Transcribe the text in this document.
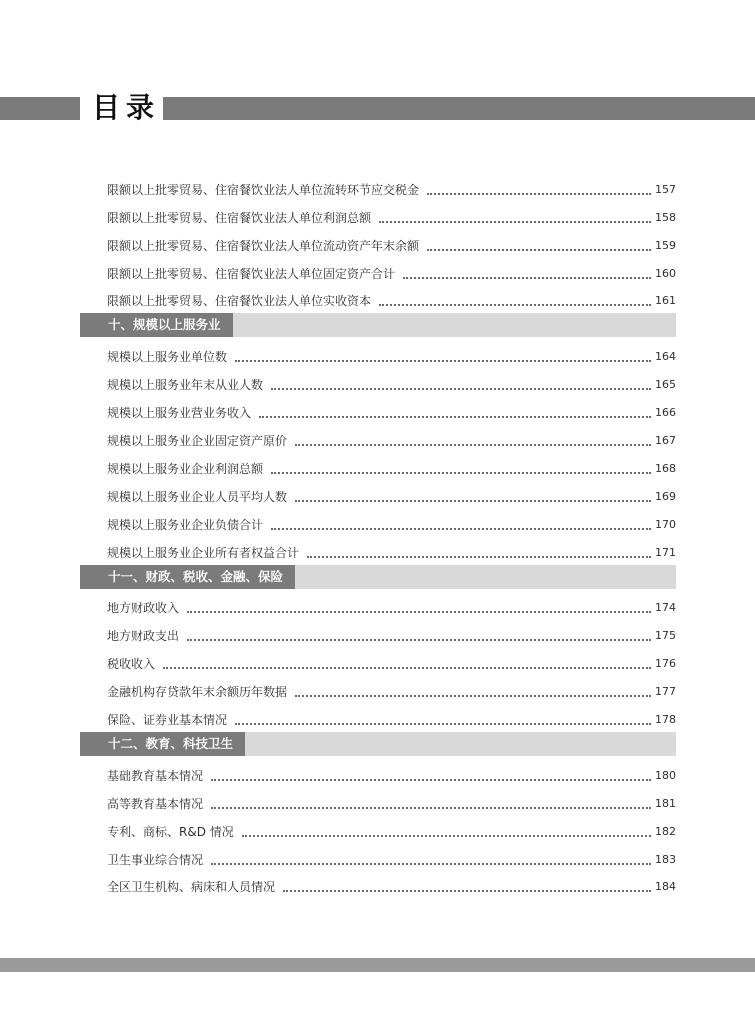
目录
限额以上批零贸易、住宿餐饮业法人单位流转环节应交税金	157
限额以上批零贸易、住宿餐饮业法人单位利润总额	158
限额以上批零贸易、住宿餐饮业法人单位流动资产年末余额	159
限额以上批零贸易、住宿餐饮业法人单位固定资产合计	160
限额以上批零贸易、住宿餐饮业法人单位实收资本	161
十、规模以上服务业
规模以上服务业单位数	164
规模以上服务业年末从业人数	165
规模以上服务业营业务收入	166
规模以上服务业企业固定资产原价	167
规模以上服务业企业利润总额	168
规模以上服务业企业人员平均人数	169
规模以上服务业企业负债合计	170
规模以上服务业企业所有者权益合计	171
十一、财政、税收、金融、保险
地方财政收入	174
地方财政支出	175
税收收入	176
金融机构存贷款年末余额历年数据	177
保险、证券业基本情况	178
十二、教育、科技卫生
基础教育基本情况	180
高等教育基本情况	181
专利、商标、R&D 情况	182
卫生事业综合情况	183
全区卫生机构、病床和人员情况	184
